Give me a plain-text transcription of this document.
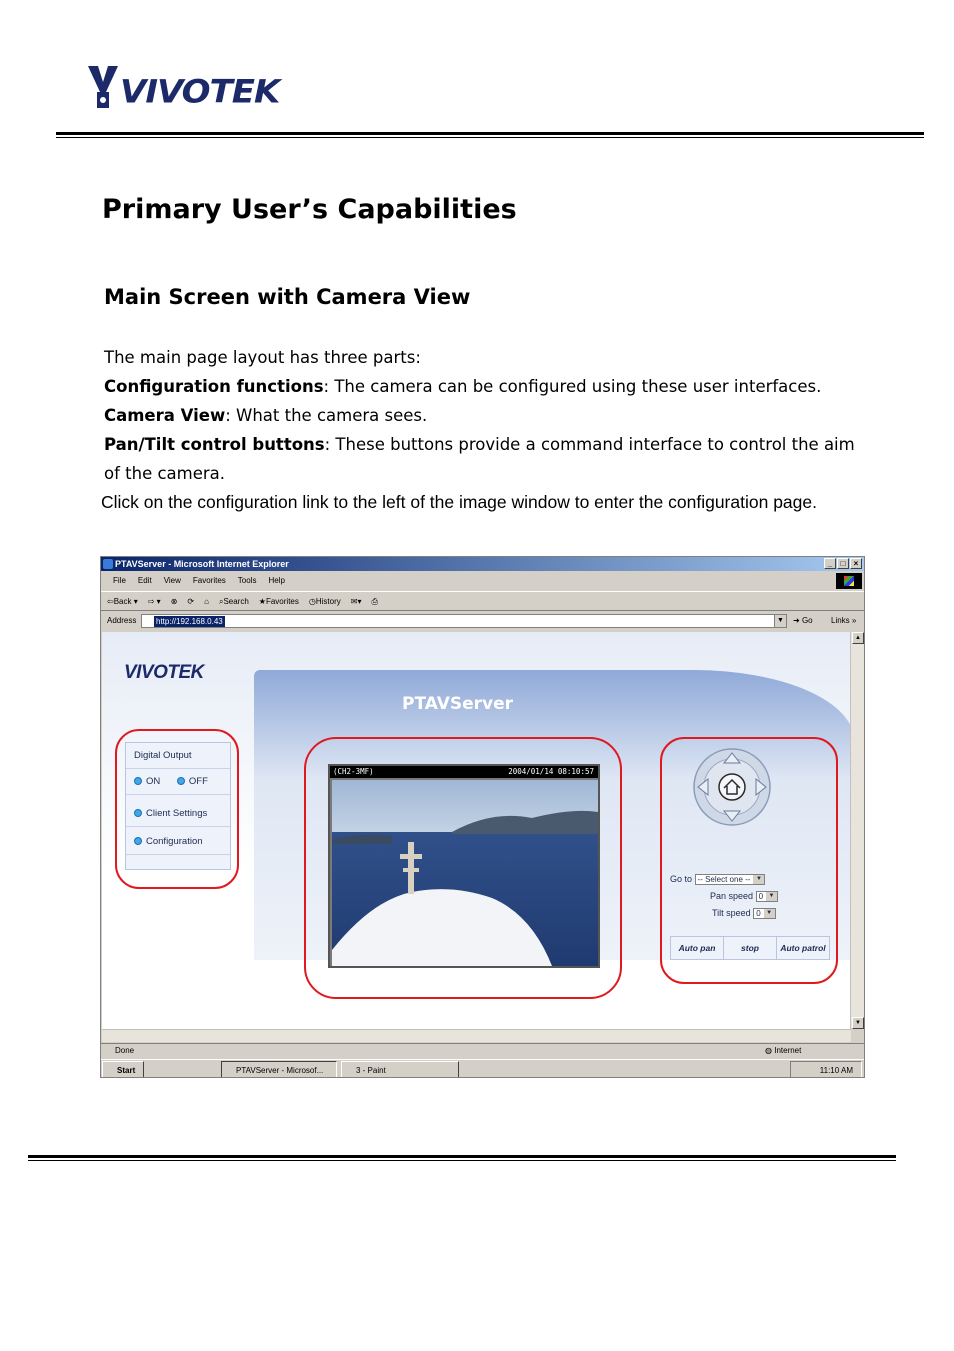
VIVOTEK
Primary User’s Capabilities
Main Screen with Camera View
The main page layout has three parts:
Configuration functions: The camera can be configured using these user interfaces.
Camera View: What the camera sees.
Pan/Tilt control buttons: These buttons provide a command interface to control the aim of the camera.
Click on the configuration link to the left of the image window to enter the configuration page.
PTAVServer - Microsoft Internet Explorer	_	□	×
File Edit View Favorites Tools Help
⇦Back ▾ ⇨ ▾ ⊗ ⟳ ⌂ ⌕Search ★Favorites ◷History ✉▾ ⎙
Address http://192.168.0.43	▼ ➜ Go Links »
VIVOTEK
PTAVServer
Digital Output
ON	OFF
Client Settings
Configuration
(CH2-3MF)	2004/01/14 08:10:57
Go to -- Select one -- ▼
Pan speed 0 ▼
Tilt speed 0 ▼
Auto pan	stop	Auto patrol
▲
▼
Done	◍ Internet
Start	PTAVServer - Microsof...	3 - Paint	11:10 AM
